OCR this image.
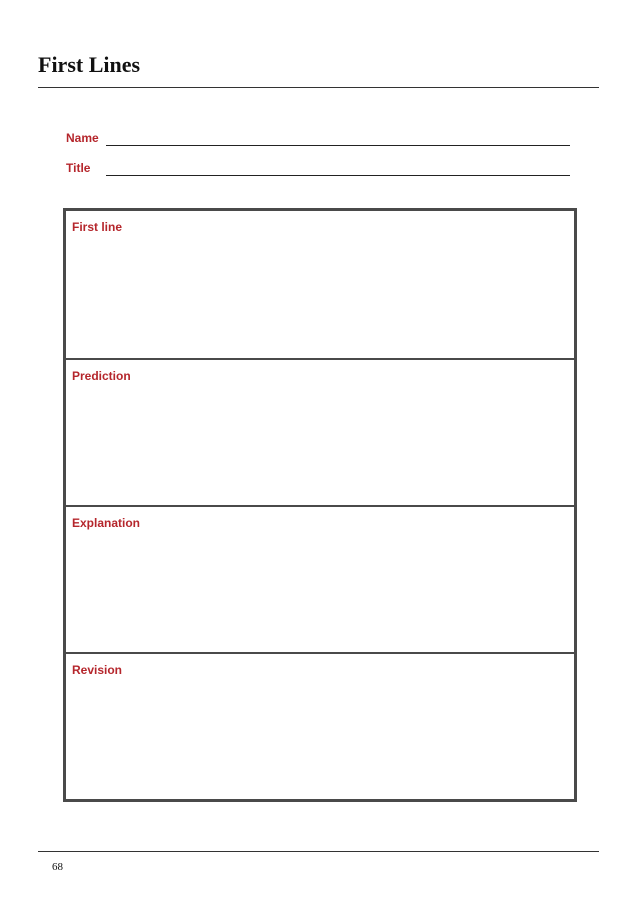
First Lines
Name
Title
First line
Prediction
Explanation
Revision
68
